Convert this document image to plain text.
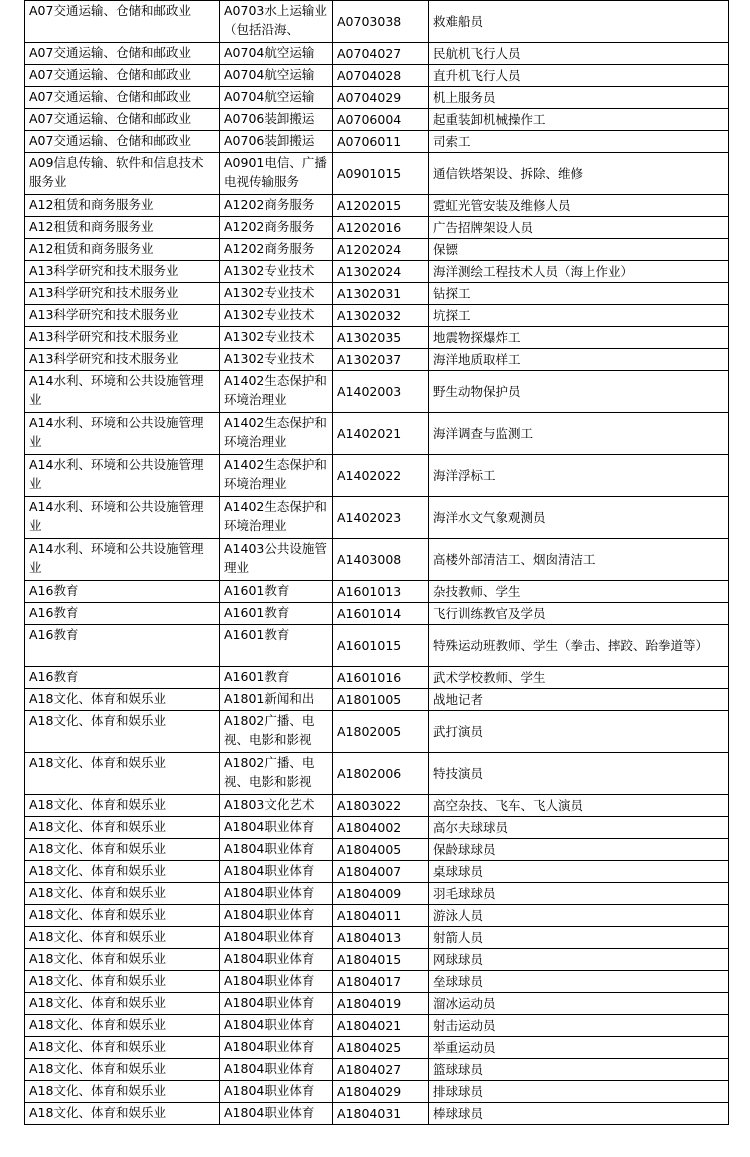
A07交通运输、仓储和邮政业	A0703水上运输业（包括沿海、	A0703038	救难船员
A07交通运输、仓储和邮政业	A0704航空运输	A0704027	民航机飞行人员
A07交通运输、仓储和邮政业	A0704航空运输	A0704028	直升机飞行人员
A07交通运输、仓储和邮政业	A0704航空运输	A0704029	机上服务员
A07交通运输、仓储和邮政业	A0706装卸搬运	A0706004	起重装卸机械操作工
A07交通运输、仓储和邮政业	A0706装卸搬运	A0706011	司索工

A09信息传输、软件和信息技术服务业	A0901电信、广播电视传输服务	A0901015	通信铁塔架设、拆除、维修
A12租赁和商务服务业	A1202商务服务	A1202015	霓虹光管安装及维修人员
A12租赁和商务服务业	A1202商务服务	A1202016	广告招牌架设人员
A12租赁和商务服务业	A1202商务服务	A1202024	保镖
A13科学研究和技术服务业	A1302专业技术	A1302024	海洋测绘工程技术人员（海上作业）
A13科学研究和技术服务业	A1302专业技术	A1302031	钻探工
A13科学研究和技术服务业	A1302专业技术	A1302032	坑探工
A13科学研究和技术服务业	A1302专业技术	A1302035	地震物探爆炸工
A13科学研究和技术服务业	A1302专业技术	A1302037	海洋地质取样工

A14水利、环境和公共设施管理业	A1402生态保护和环境治理业	A1402003	野生动物保护员

A14水利、环境和公共设施管理业	A1402生态保护和环境治理业	A1402021	海洋调查与监测工

A14水利、环境和公共设施管理业	A1402生态保护和环境治理业	A1402022	海洋浮标工

A14水利、环境和公共设施管理业	A1402生态保护和环境治理业	A1402023	海洋水文气象观测员

A14水利、环境和公共设施管理业	A1403公共设施管理业	A1403008	高楼外部清洁工、烟囱清洁工
A16教育	A1601教育	A1601013	杂技教师、学生
A16教育	A1601教育	A1601014	飞行训练教官及学员

A16教育	A1601教育	A1601015	特殊运动班教师、学生（拳击、摔跤、跆拳道等）
A16教育	A1601教育	A1601016	武术学校教师、学生
A18文化、体育和娱乐业	A1801新闻和出	A1801005	战地记者

A18文化、体育和娱乐业	A1802广播、电视、电影和影视	A1802005	武打演员

A18文化、体育和娱乐业	A1802广播、电视、电影和影视	A1802006	特技演员
A18文化、体育和娱乐业	A1803文化艺术	A1803022	高空杂技、飞车、飞人演员
A18文化、体育和娱乐业	A1804职业体育	A1804002	高尔夫球球员
A18文化、体育和娱乐业	A1804职业体育	A1804005	保龄球球员
A18文化、体育和娱乐业	A1804职业体育	A1804007	桌球球员
A18文化、体育和娱乐业	A1804职业体育	A1804009	羽毛球球员
A18文化、体育和娱乐业	A1804职业体育	A1804011	游泳人员
A18文化、体育和娱乐业	A1804职业体育	A1804013	射箭人员
A18文化、体育和娱乐业	A1804职业体育	A1804015	网球球员
A18文化、体育和娱乐业	A1804职业体育	A1804017	垒球球员
A18文化、体育和娱乐业	A1804职业体育	A1804019	溜冰运动员
A18文化、体育和娱乐业	A1804职业体育	A1804021	射击运动员
A18文化、体育和娱乐业	A1804职业体育	A1804025	举重运动员
A18文化、体育和娱乐业	A1804职业体育	A1804027	篮球球员
A18文化、体育和娱乐业	A1804职业体育	A1804029	排球球员
A18文化、体育和娱乐业	A1804职业体育	A1804031	棒球球员
